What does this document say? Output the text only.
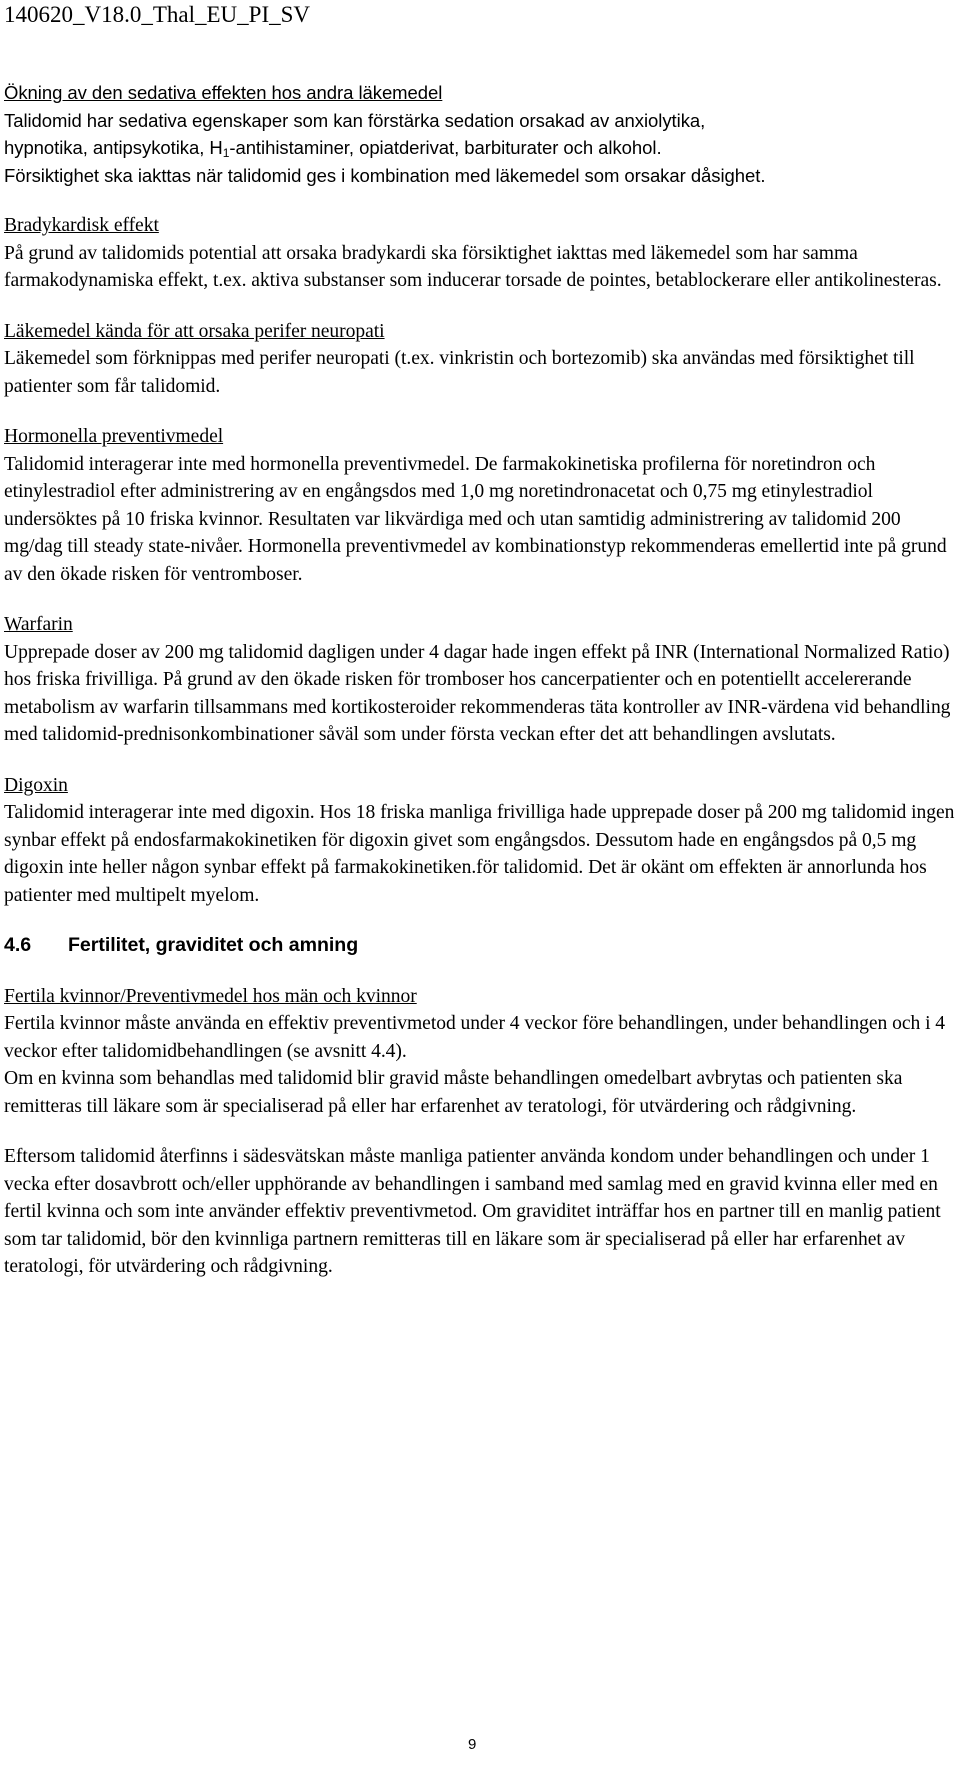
140620_V18.0_Thal_EU_PI_SV

Ökning av den sedativa effekten hos andra läkemedel

Talidomid har sedativa egenskaper som kan förstärka sedation orsakad av anxiolytika,

hypnotika, antipsykotika, $H_1$-antihistaminer, opiatderivat, barbiturater och alkohol.

Försiktighet ska iakttas när talidomid ges i kombination med läkemedel som orsakar dåsighet.

Bradykardisk effekt

På grund av talidomids potential att orsaka bradykardi ska försiktighet iakttas med läkemedel som har samma farmakodynamiska effekt, t.ex. aktiva substanser som inducerar torsade de pointes, betablockerare eller antikolinesteras.

Läkemedel kända för att orsaka perifer neuropati

Läkemedel som förknippas med perifer neuropati (t.ex. vinkristin och bortezomib) ska användas med försiktighet till patienter som får talidomid.

Hormonella preventivmedel

Talidomid interagerar inte med hormonella preventivmedel. De farmakokinetiska profilerna för noretindron och etinylestradiol efter administrering av en engångsdos med 1,0 mg noretindronacetat och 0,75 mg etinylestradiol undersöktes på 10 friska kvinnor. Resultaten var likvärdiga med och utan samtidig administrering av talidomid 200 mg/dag till steady state-nivåer. Hormonella preventivmedel av kombinationstyp rekommenderas emellertid inte på grund av den ökade risken för ventromboser.

Warfarin

Upprepade doser av 200 mg talidomid dagligen under 4 dagar hade ingen effekt på INR (International Normalized Ratio) hos friska frivilliga. På grund av den ökade risken för tromboser hos cancerpatienter och en potentiellt accelererande metabolism av warfarin tillsammans med kortikosteroider rekommenderas täta kontroller av INR-värdena vid behandling med talidomid-prednisonkombinationer såväl som under första veckan efter det att behandlingen avslutats.

Digoxin

Talidomid interagerar inte med digoxin. Hos 18 friska manliga frivilliga hade upprepade doser på 200 mg talidomid ingen synbar effekt på endosfarmakokinetiken för digoxin givet som engångsdos. Dessutom hade en engångsdos på 0,5 mg digoxin inte heller någon synbar effekt på farmakokinetiken.för talidomid. Det är okänt om effekten är annorlunda hos patienter med multipelt myelom.

4.6	Fertilitet, graviditet och amning

Fertila kvinnor/Preventivmedel hos män och kvinnor

Fertila kvinnor måste använda en effektiv preventivmetod under 4 veckor före behandlingen, under behandlingen och i 4 veckor efter talidomidbehandlingen (se avsnitt 4.4).

Om en kvinna som behandlas med talidomid blir gravid måste behandlingen omedelbart avbrytas och patienten ska remitteras till läkare som är specialiserad på eller har erfarenhet av teratologi, för utvärdering och rådgivning.

Eftersom talidomid återfinns i sädesvätskan måste manliga patienter använda kondom under behandlingen och under 1 vecka efter dosavbrott och/eller upphörande av behandlingen i samband med samlag med en gravid kvinna eller med en fertil kvinna och som inte använder effektiv preventivmetod. Om graviditet inträffar hos en partner till en manlig patient som tar talidomid, bör den kvinnliga partnern remitteras till en läkare som är specialiserad på eller har erfarenhet av teratologi, för utvärdering och rådgivning.

9
